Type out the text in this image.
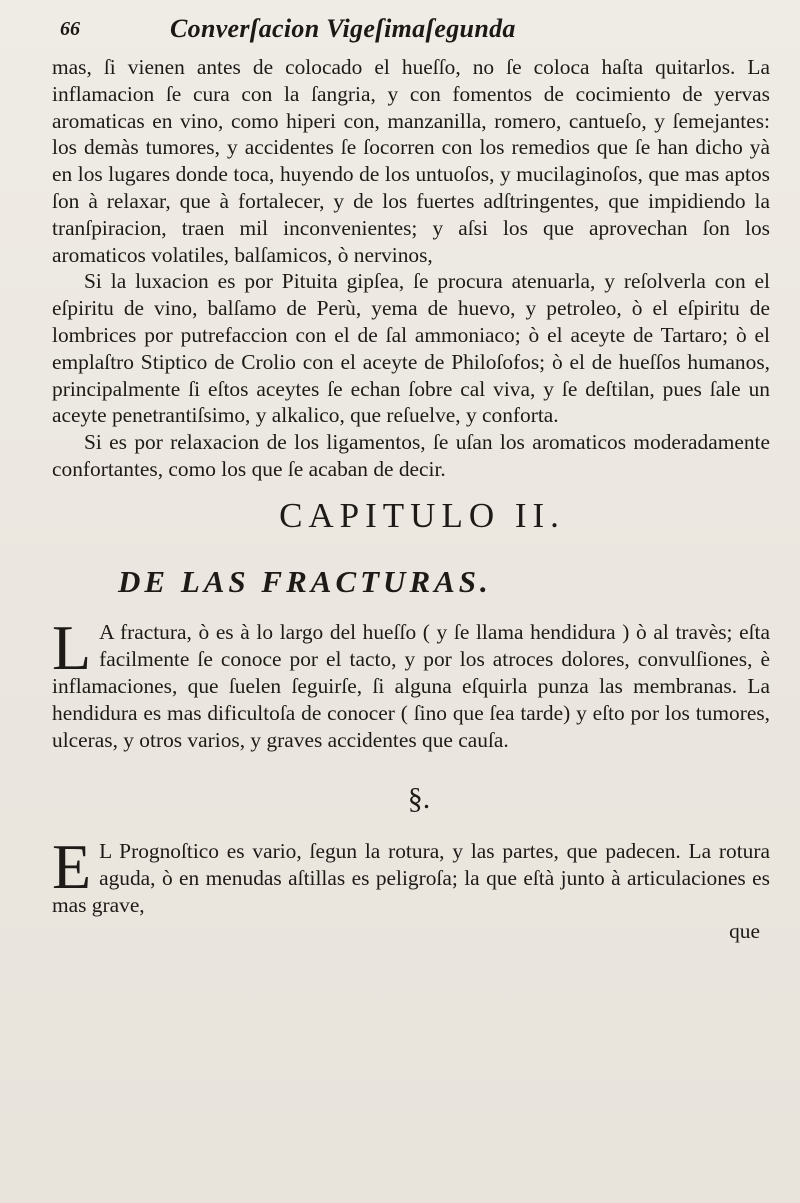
66	Converſacion Vigeſimaſegunda

mas, ſi vienen antes de colocado el hueſſo, no ſe coloca haſta quitarlos. La inflamacion ſe cura con la ſangria, y con fomentos de cocimiento de yervas aromaticas en vino, como hiperi con, manzanilla, romero, cantueſo, y ſemejantes: los demàs tumores, y accidentes ſe ſocorren con los remedios que ſe han dicho yà en los lugares donde toca, huyendo de los untuoſos, y mucilaginoſos, que mas aptos ſon à relaxar, que à fortalecer, y de los fuertes adſtringentes, que impidiendo la tranſpiracion, traen mil inconvenientes; y aſsi los que aprovechan ſon los aromaticos volatiles, balſamicos, ò nervinos,

Si la luxacion es por Pituita gipſea, ſe procura atenuarla, y reſolverla con el eſpiritu de vino, balſamo de Perù, yema de huevo, y petroleo, ò el eſpiritu de lombrices por putrefaccion con el de ſal ammoniaco; ò el aceyte de Tartaro; ò el emplaſtro Stiptico de Crolio con el aceyte de Philoſofos; ò el de hueſſos humanos, principalmente ſi eſtos aceytes ſe echan ſobre cal viva, y ſe deſtilan, pues ſale un aceyte penetrantiſsimo, y alkalico, que reſuelve, y conforta.

Si es por relaxacion de los ligamentos, ſe uſan los aromaticos moderadamente confortantes, como los que ſe acaban de decir.

CAPITULO II.
DE LAS FRACTURAS.

L A fractura, ò es à lo largo del hueſſo ( y ſe llama hendidura ) ò al travès; eſta facilmente ſe conoce por el tacto, y por los atroces dolores, convulſiones, è inflamaciones, que ſuelen ſeguirſe, ſi alguna eſquirla punza las membranas. La hendidura es mas dificultoſa de conocer ( ſino que ſea tarde) y eſto por los tumores, ulceras, y otros varios, y graves accidentes que cauſa.

§.

E L Prognoſtico es vario, ſegun la rotura, y las partes, que padecen. La rotura aguda, ò en menudas aſtillas es peligroſa; la que eſtà junto à articulaciones es mas grave,

que
